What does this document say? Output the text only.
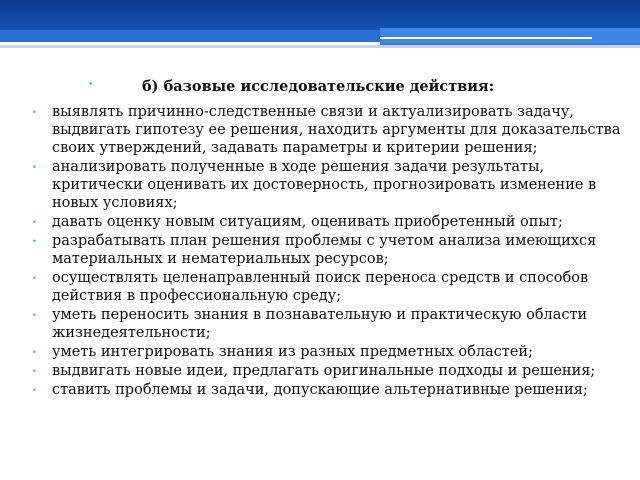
•	б) базовые исследовательские действия:
• выявлять причинно-следственные связи и актуализировать задачу, выдвигать гипотезу ее решения, находить аргументы для доказательства своих утверждений, задавать параметры и критерии решения;
• анализировать полученные в ходе решения задачи результаты, критически оценивать их достоверность, прогнозировать изменение в новых условиях;
• давать оценку новым ситуациям, оценивать приобретенный опыт;
• разрабатывать план решения проблемы с учетом анализа имеющихся материальных и нематериальных ресурсов;
• осуществлять целенаправленный поиск переноса средств и способов действия в профессиональную среду;
• уметь переносить знания в познавательную и практическую области жизнедеятельности;
• уметь интегрировать знания из разных предметных областей;
• выдвигать новые идеи, предлагать оригинальные подходы и решения;
• ставить проблемы и задачи, допускающие альтернативные решения;
